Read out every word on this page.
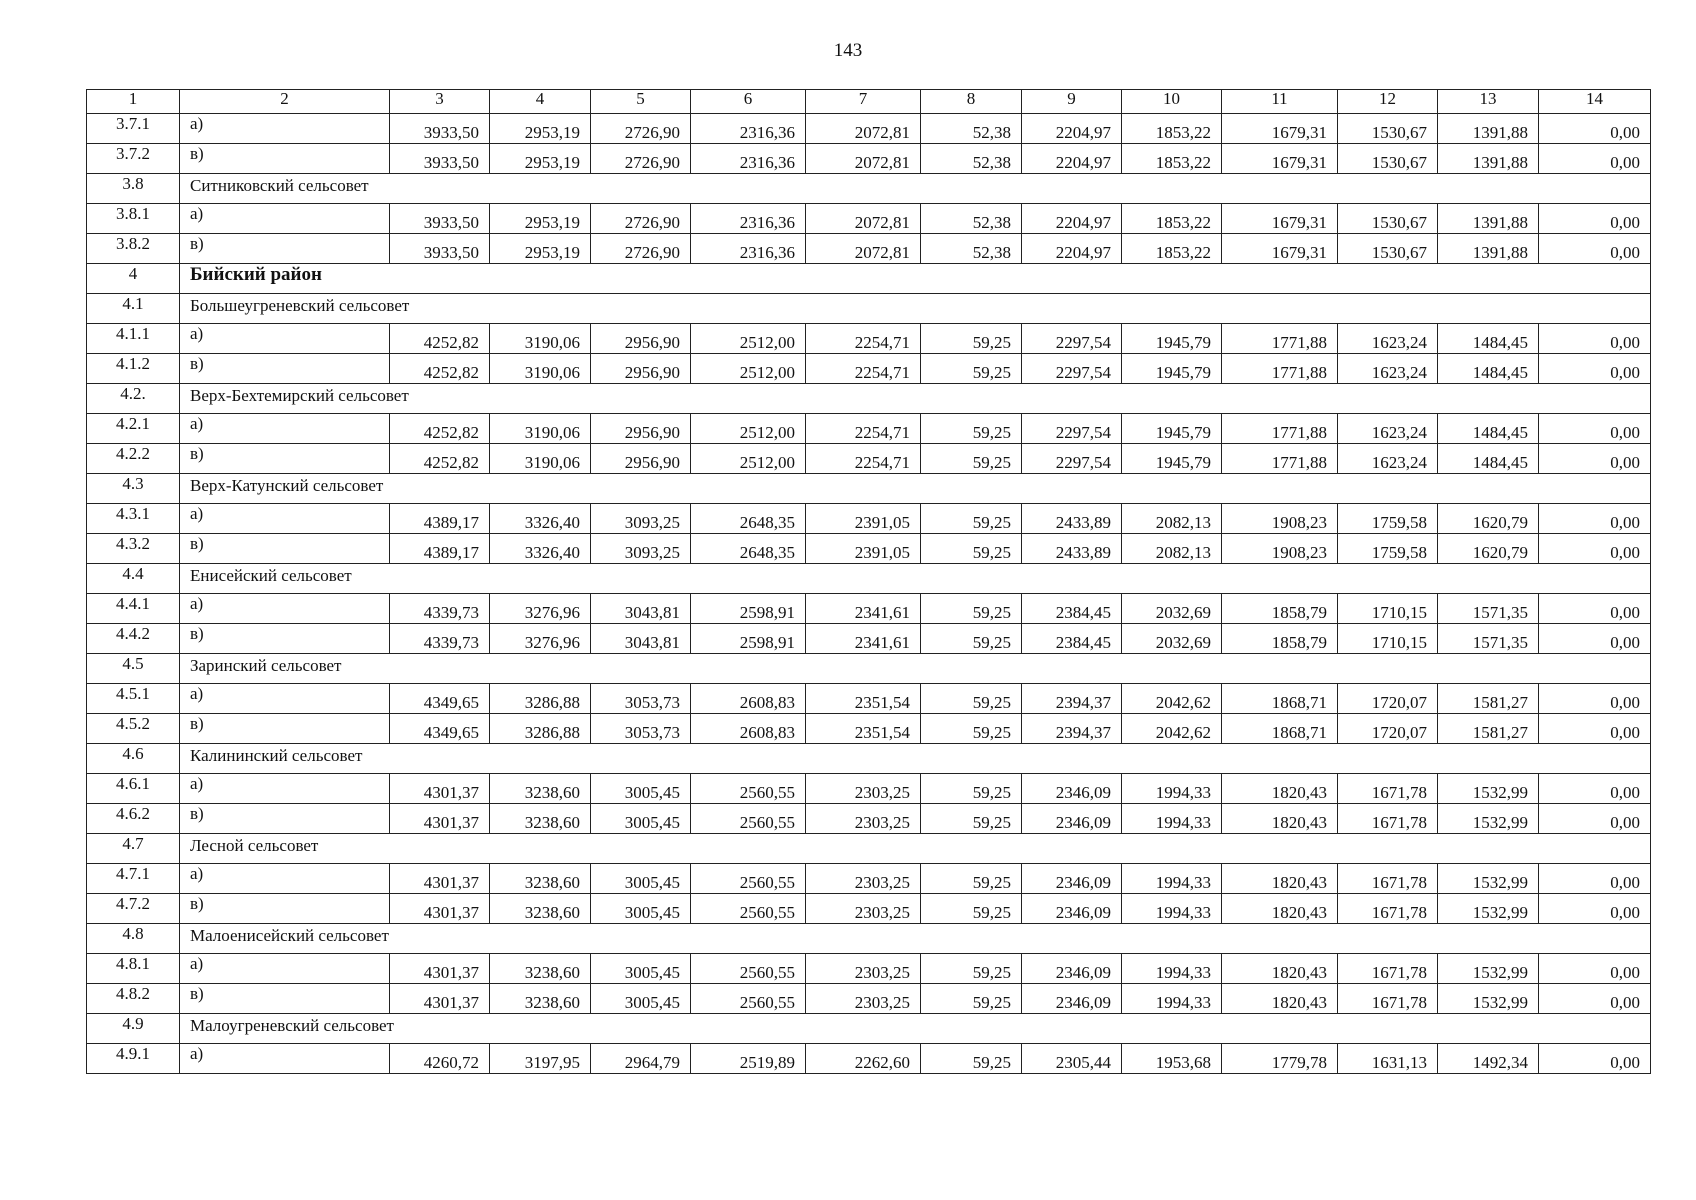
143
1	2	3	4	5	6	7	8	9	10	11	12	13	14
3.7.1	а)	3933,50	2953,19	2726,90	2316,36	2072,81	52,38	2204,97	1853,22	1679,31	1530,67	1391,88	0,00
3.7.2	в)	3933,50	2953,19	2726,90	2316,36	2072,81	52,38	2204,97	1853,22	1679,31	1530,67	1391,88	0,00
3.8	Ситниковский сельсовет												
3.8.1	а)	3933,50	2953,19	2726,90	2316,36	2072,81	52,38	2204,97	1853,22	1679,31	1530,67	1391,88	0,00
3.8.2	в)	3933,50	2953,19	2726,90	2316,36	2072,81	52,38	2204,97	1853,22	1679,31	1530,67	1391,88	0,00
4	Бийский район												
4.1	Большеугреневский сельсовет												
4.1.1	а)	4252,82	3190,06	2956,90	2512,00	2254,71	59,25	2297,54	1945,79	1771,88	1623,24	1484,45	0,00
4.1.2	в)	4252,82	3190,06	2956,90	2512,00	2254,71	59,25	2297,54	1945,79	1771,88	1623,24	1484,45	0,00
4.2.	Верх-Бехтемирский сельсовет												
4.2.1	а)	4252,82	3190,06	2956,90	2512,00	2254,71	59,25	2297,54	1945,79	1771,88	1623,24	1484,45	0,00
4.2.2	в)	4252,82	3190,06	2956,90	2512,00	2254,71	59,25	2297,54	1945,79	1771,88	1623,24	1484,45	0,00
4.3	Верх-Катунский сельсовет												
4.3.1	а)	4389,17	3326,40	3093,25	2648,35	2391,05	59,25	2433,89	2082,13	1908,23	1759,58	1620,79	0,00
4.3.2	в)	4389,17	3326,40	3093,25	2648,35	2391,05	59,25	2433,89	2082,13	1908,23	1759,58	1620,79	0,00
4.4	Енисейский сельсовет												
4.4.1	а)	4339,73	3276,96	3043,81	2598,91	2341,61	59,25	2384,45	2032,69	1858,79	1710,15	1571,35	0,00
4.4.2	в)	4339,73	3276,96	3043,81	2598,91	2341,61	59,25	2384,45	2032,69	1858,79	1710,15	1571,35	0,00
4.5	Заринский сельсовет												
4.5.1	а)	4349,65	3286,88	3053,73	2608,83	2351,54	59,25	2394,37	2042,62	1868,71	1720,07	1581,27	0,00
4.5.2	в)	4349,65	3286,88	3053,73	2608,83	2351,54	59,25	2394,37	2042,62	1868,71	1720,07	1581,27	0,00
4.6	Калининский сельсовет												
4.6.1	а)	4301,37	3238,60	3005,45	2560,55	2303,25	59,25	2346,09	1994,33	1820,43	1671,78	1532,99	0,00
4.6.2	в)	4301,37	3238,60	3005,45	2560,55	2303,25	59,25	2346,09	1994,33	1820,43	1671,78	1532,99	0,00
4.7	Лесной сельсовет												
4.7.1	а)	4301,37	3238,60	3005,45	2560,55	2303,25	59,25	2346,09	1994,33	1820,43	1671,78	1532,99	0,00
4.7.2	в)	4301,37	3238,60	3005,45	2560,55	2303,25	59,25	2346,09	1994,33	1820,43	1671,78	1532,99	0,00
4.8	Малоенисейский сельсовет												
4.8.1	а)	4301,37	3238,60	3005,45	2560,55	2303,25	59,25	2346,09	1994,33	1820,43	1671,78	1532,99	0,00
4.8.2	в)	4301,37	3238,60	3005,45	2560,55	2303,25	59,25	2346,09	1994,33	1820,43	1671,78	1532,99	0,00
4.9	Малоугреневский сельсовет												
4.9.1	а)	4260,72	3197,95	2964,79	2519,89	2262,60	59,25	2305,44	1953,68	1779,78	1631,13	1492,34	0,00
